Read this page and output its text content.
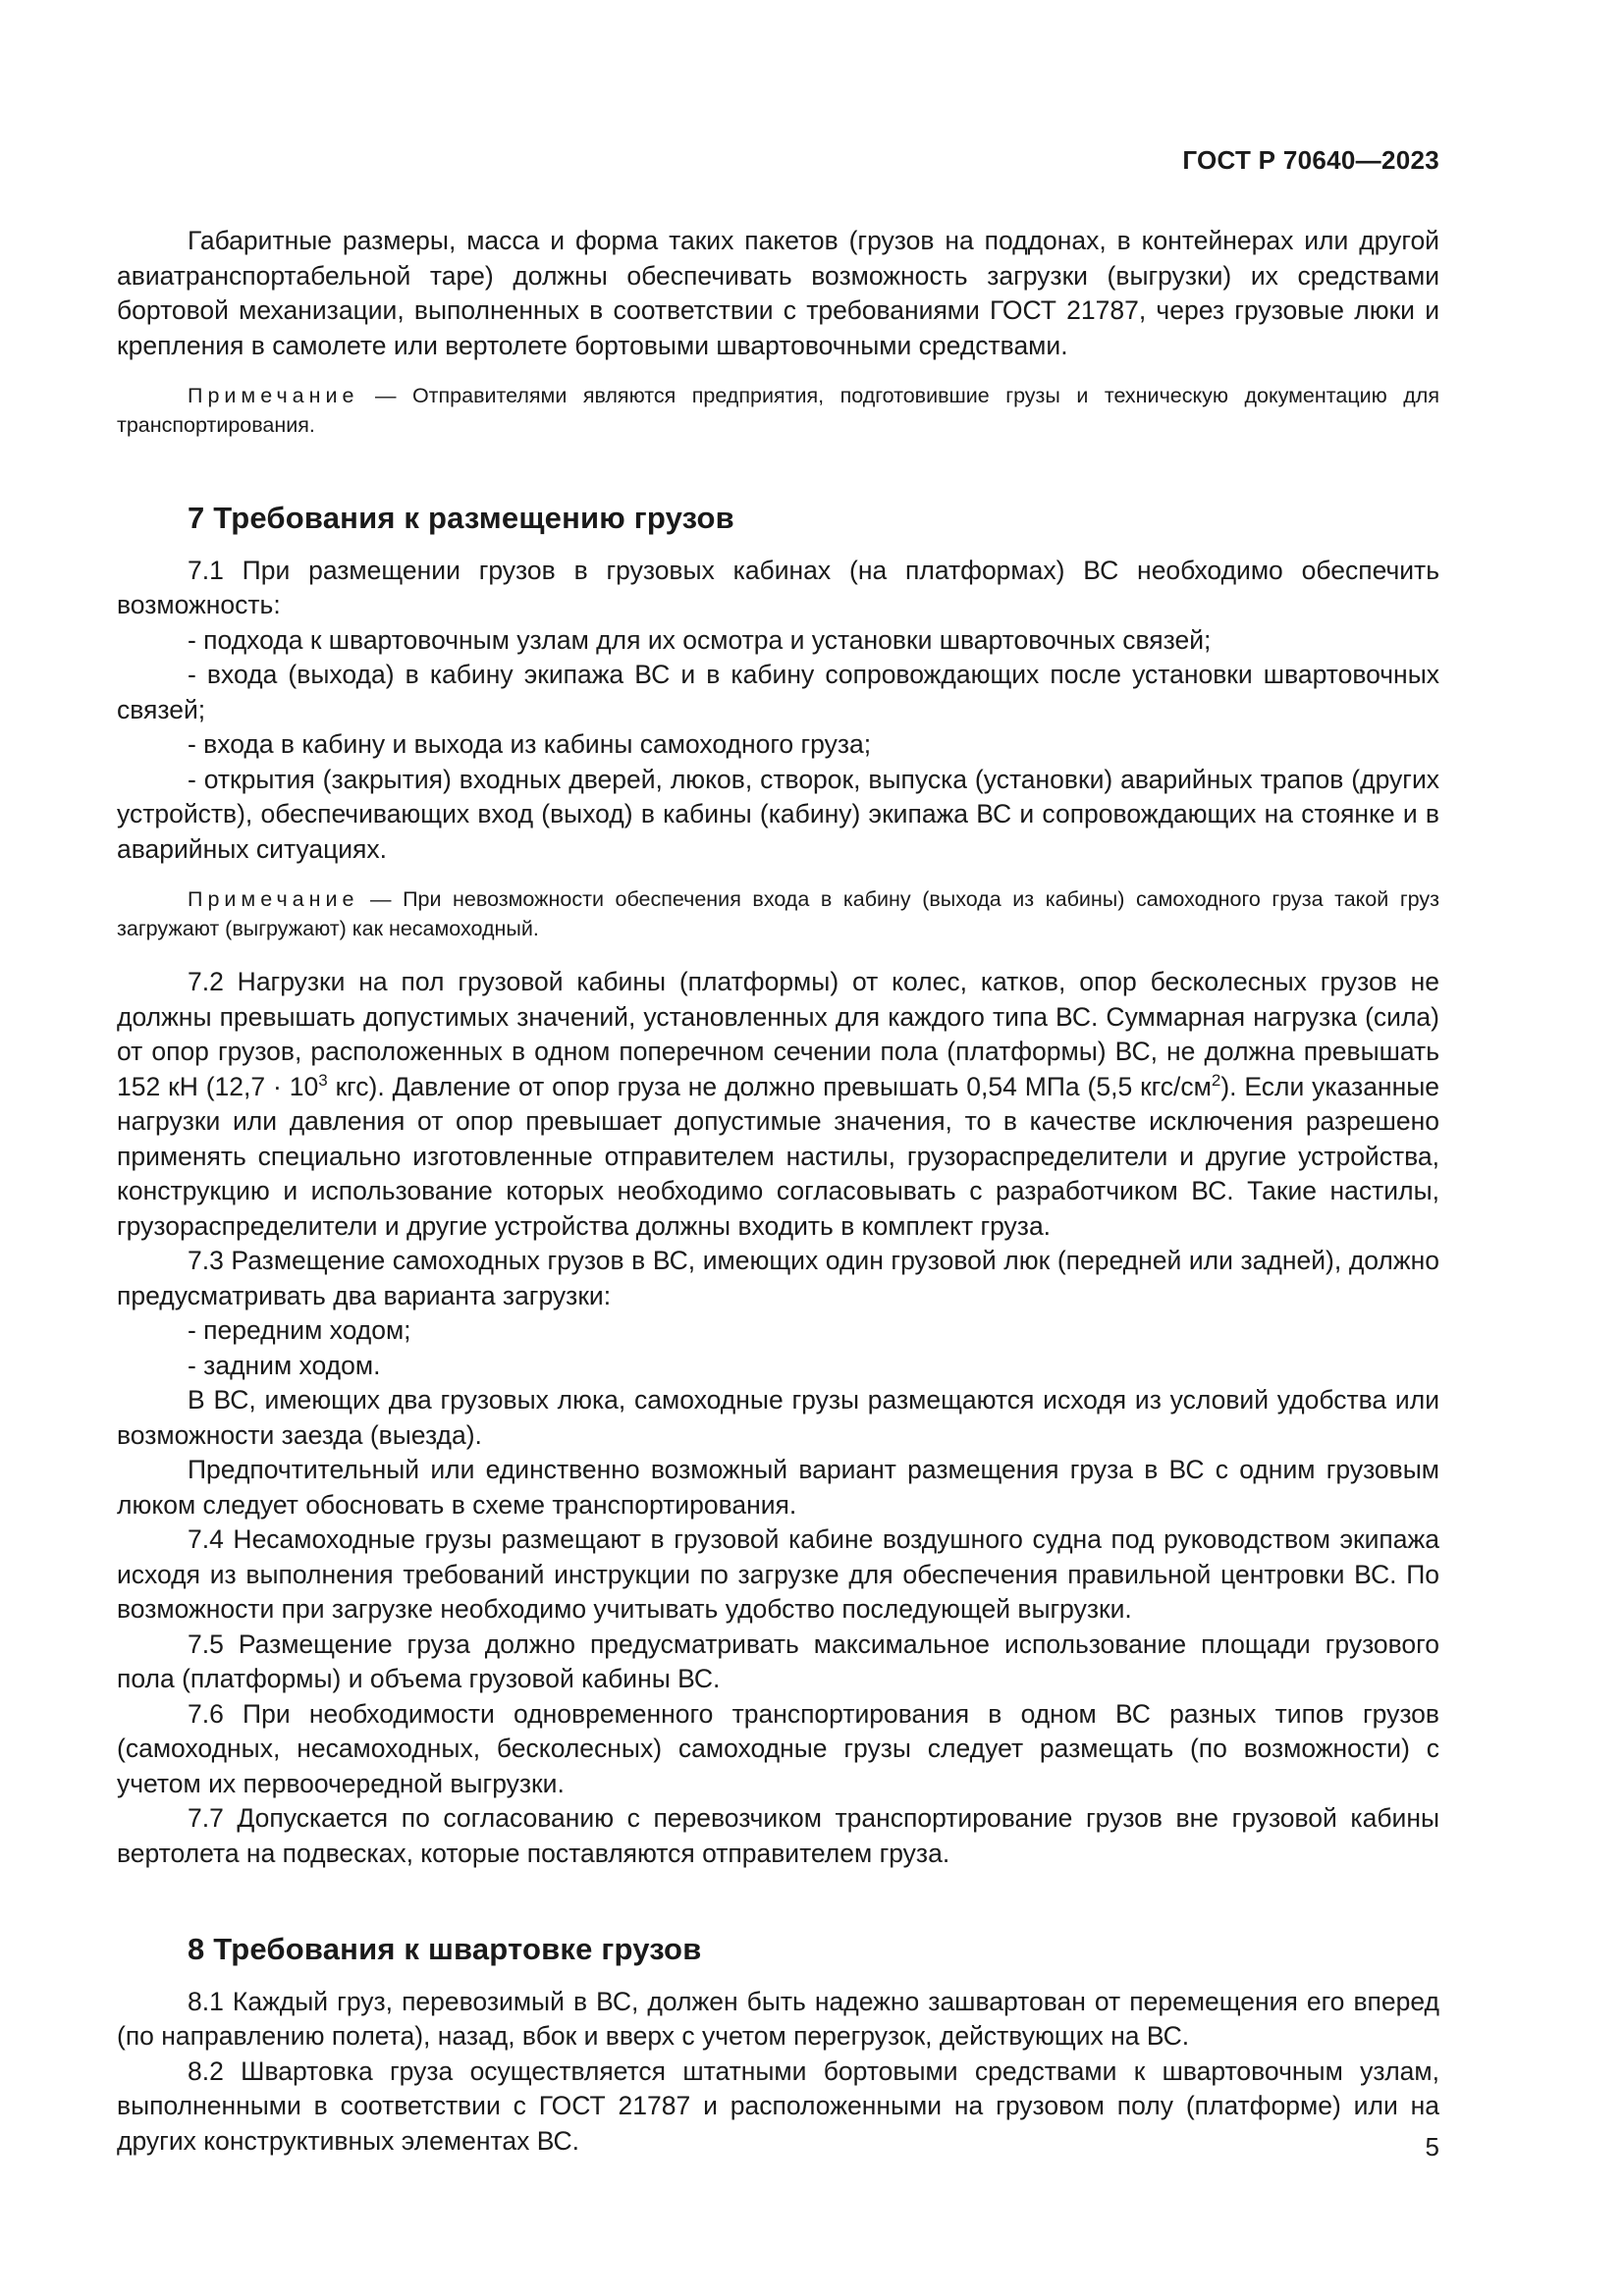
ГОСТ Р 70640—2023

Габаритные размеры, масса и форма таких пакетов (грузов на поддонах, в контейнерах или другой авиатранспортабельной таре) должны обеспечивать возможность загрузки (выгрузки) их средствами бортовой механизации, выполненных в соответствии с требованиями ГОСТ 21787, через грузовые люки и крепления в самолете или вертолете бортовыми швартовочными средствами.

Примечание — Отправителями являются предприятия, подготовившие грузы и техническую документацию для транспортирования.
7 Требования к размещению грузов

7.1 При размещении грузов в грузовых кабинах (на платформах) ВС необходимо обеспечить возможность:

- подхода к швартовочным узлам для их осмотра и установки швартовочных связей;

- входа (выхода) в кабину экипажа ВС и в кабину сопровождающих после установки швартовочных связей;

- входа в кабину и выхода из кабины самоходного груза;

- открытия (закрытия) входных дверей, люков, створок, выпуска (установки) аварийных трапов (других устройств), обеспечивающих вход (выход) в кабины (кабину) экипажа ВС и сопровождающих на стоянке и в аварийных ситуациях.

Примечание — При невозможности обеспечения входа в кабину (выхода из кабины) самоходного груза такой груз загружают (выгружают) как несамоходный.

7.2 Нагрузки на пол грузовой кабины (платформы) от колес, катков, опор бесколесных грузов не должны превышать допустимых значений, установленных для каждого типа ВС. Суммарная нагрузка (сила) от опор грузов, расположенных в одном поперечном сечении пола (платформы) ВС, не должна превышать 152 кН ($12,7 \cdot 10^3$ кгс). Давление от опор груза не должно превышать 0,54 МПа (5,5 кгс/$см^2$). Если указанные нагрузки или давления от опор превышает допустимые значения, то в качестве исключения разрешено применять специально изготовленные отправителем настилы, грузораспределители и другие устройства, конструкцию и использование которых необходимо согласовывать с разработчиком ВС. Такие настилы, грузораспределители и другие устройства должны входить в комплект груза.

7.3 Размещение самоходных грузов в ВС, имеющих один грузовой люк (передней или задней), должно предусматривать два варианта загрузки:

- передним ходом;

- задним ходом.

В ВС, имеющих два грузовых люка, самоходные грузы размещаются исходя из условий удобства или возможности заезда (выезда).

Предпочтительный или единственно возможный вариант размещения груза в ВС с одним грузовым люком следует обосновать в схеме транспортирования.

7.4 Несамоходные грузы размещают в грузовой кабине воздушного судна под руководством экипажа исходя из выполнения требований инструкции по загрузке для обеспечения правильной центровки ВС. По возможности при загрузке необходимо учитывать удобство последующей выгрузки.

7.5 Размещение груза должно предусматривать максимальное использование площади грузового пола (платформы) и объема грузовой кабины ВС.

7.6 При необходимости одновременного транспортирования в одном ВС разных типов грузов (самоходных, несамоходных, бесколесных) самоходные грузы следует размещать (по возможности) с учетом их первоочередной выгрузки.

7.7 Допускается по согласованию с перевозчиком транспортирование грузов вне грузовой кабины вертолета на подвесках, которые поставляются отправителем груза.

8 Требования к швартовке грузов

8.1 Каждый груз, перевозимый в ВС, должен быть надежно зашвартован от перемещения его вперед (по направлению полета), назад, вбок и вверх с учетом перегрузок, действующих на ВС.

8.2 Швартовка груза осуществляется штатными бортовыми средствами к швартовочным узлам, выполненными в соответствии с ГОСТ 21787 и расположенными на грузовом полу (платформе) или на других конструктивных элементах ВС.	5
